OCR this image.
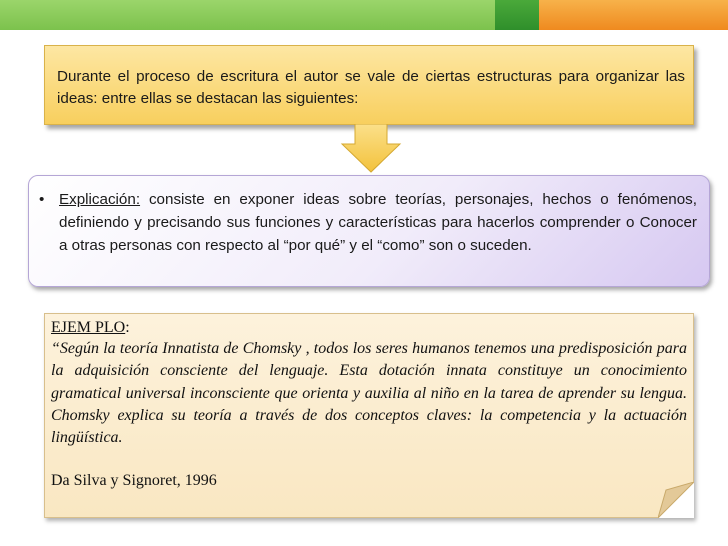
Durante el proceso de escritura el autor se vale de ciertas estructuras para organizar las ideas: entre ellas se destacan las siguientes:

• Explicación: consiste en exponer ideas sobre teorías, personajes, hechos o fenómenos, definiendo y precisando sus funciones y características para hacerlos comprender o Conocer a otras personas con respecto al “por qué” y el “como” son o suceden.
EJEM PLO:

“Según la teoría Innatista de Chomsky , todos los seres humanos tenemos una predisposición para la adquisición consciente del lenguaje. Esta dotación innata constituye un conocimiento gramatical universal inconsciente que orienta y auxilia al niño en la tarea de aprender su lengua. Chomsky explica su teoría a través de dos conceptos claves: la competencia y la actuación lingüística.

Da Silva y Signoret, 1996
